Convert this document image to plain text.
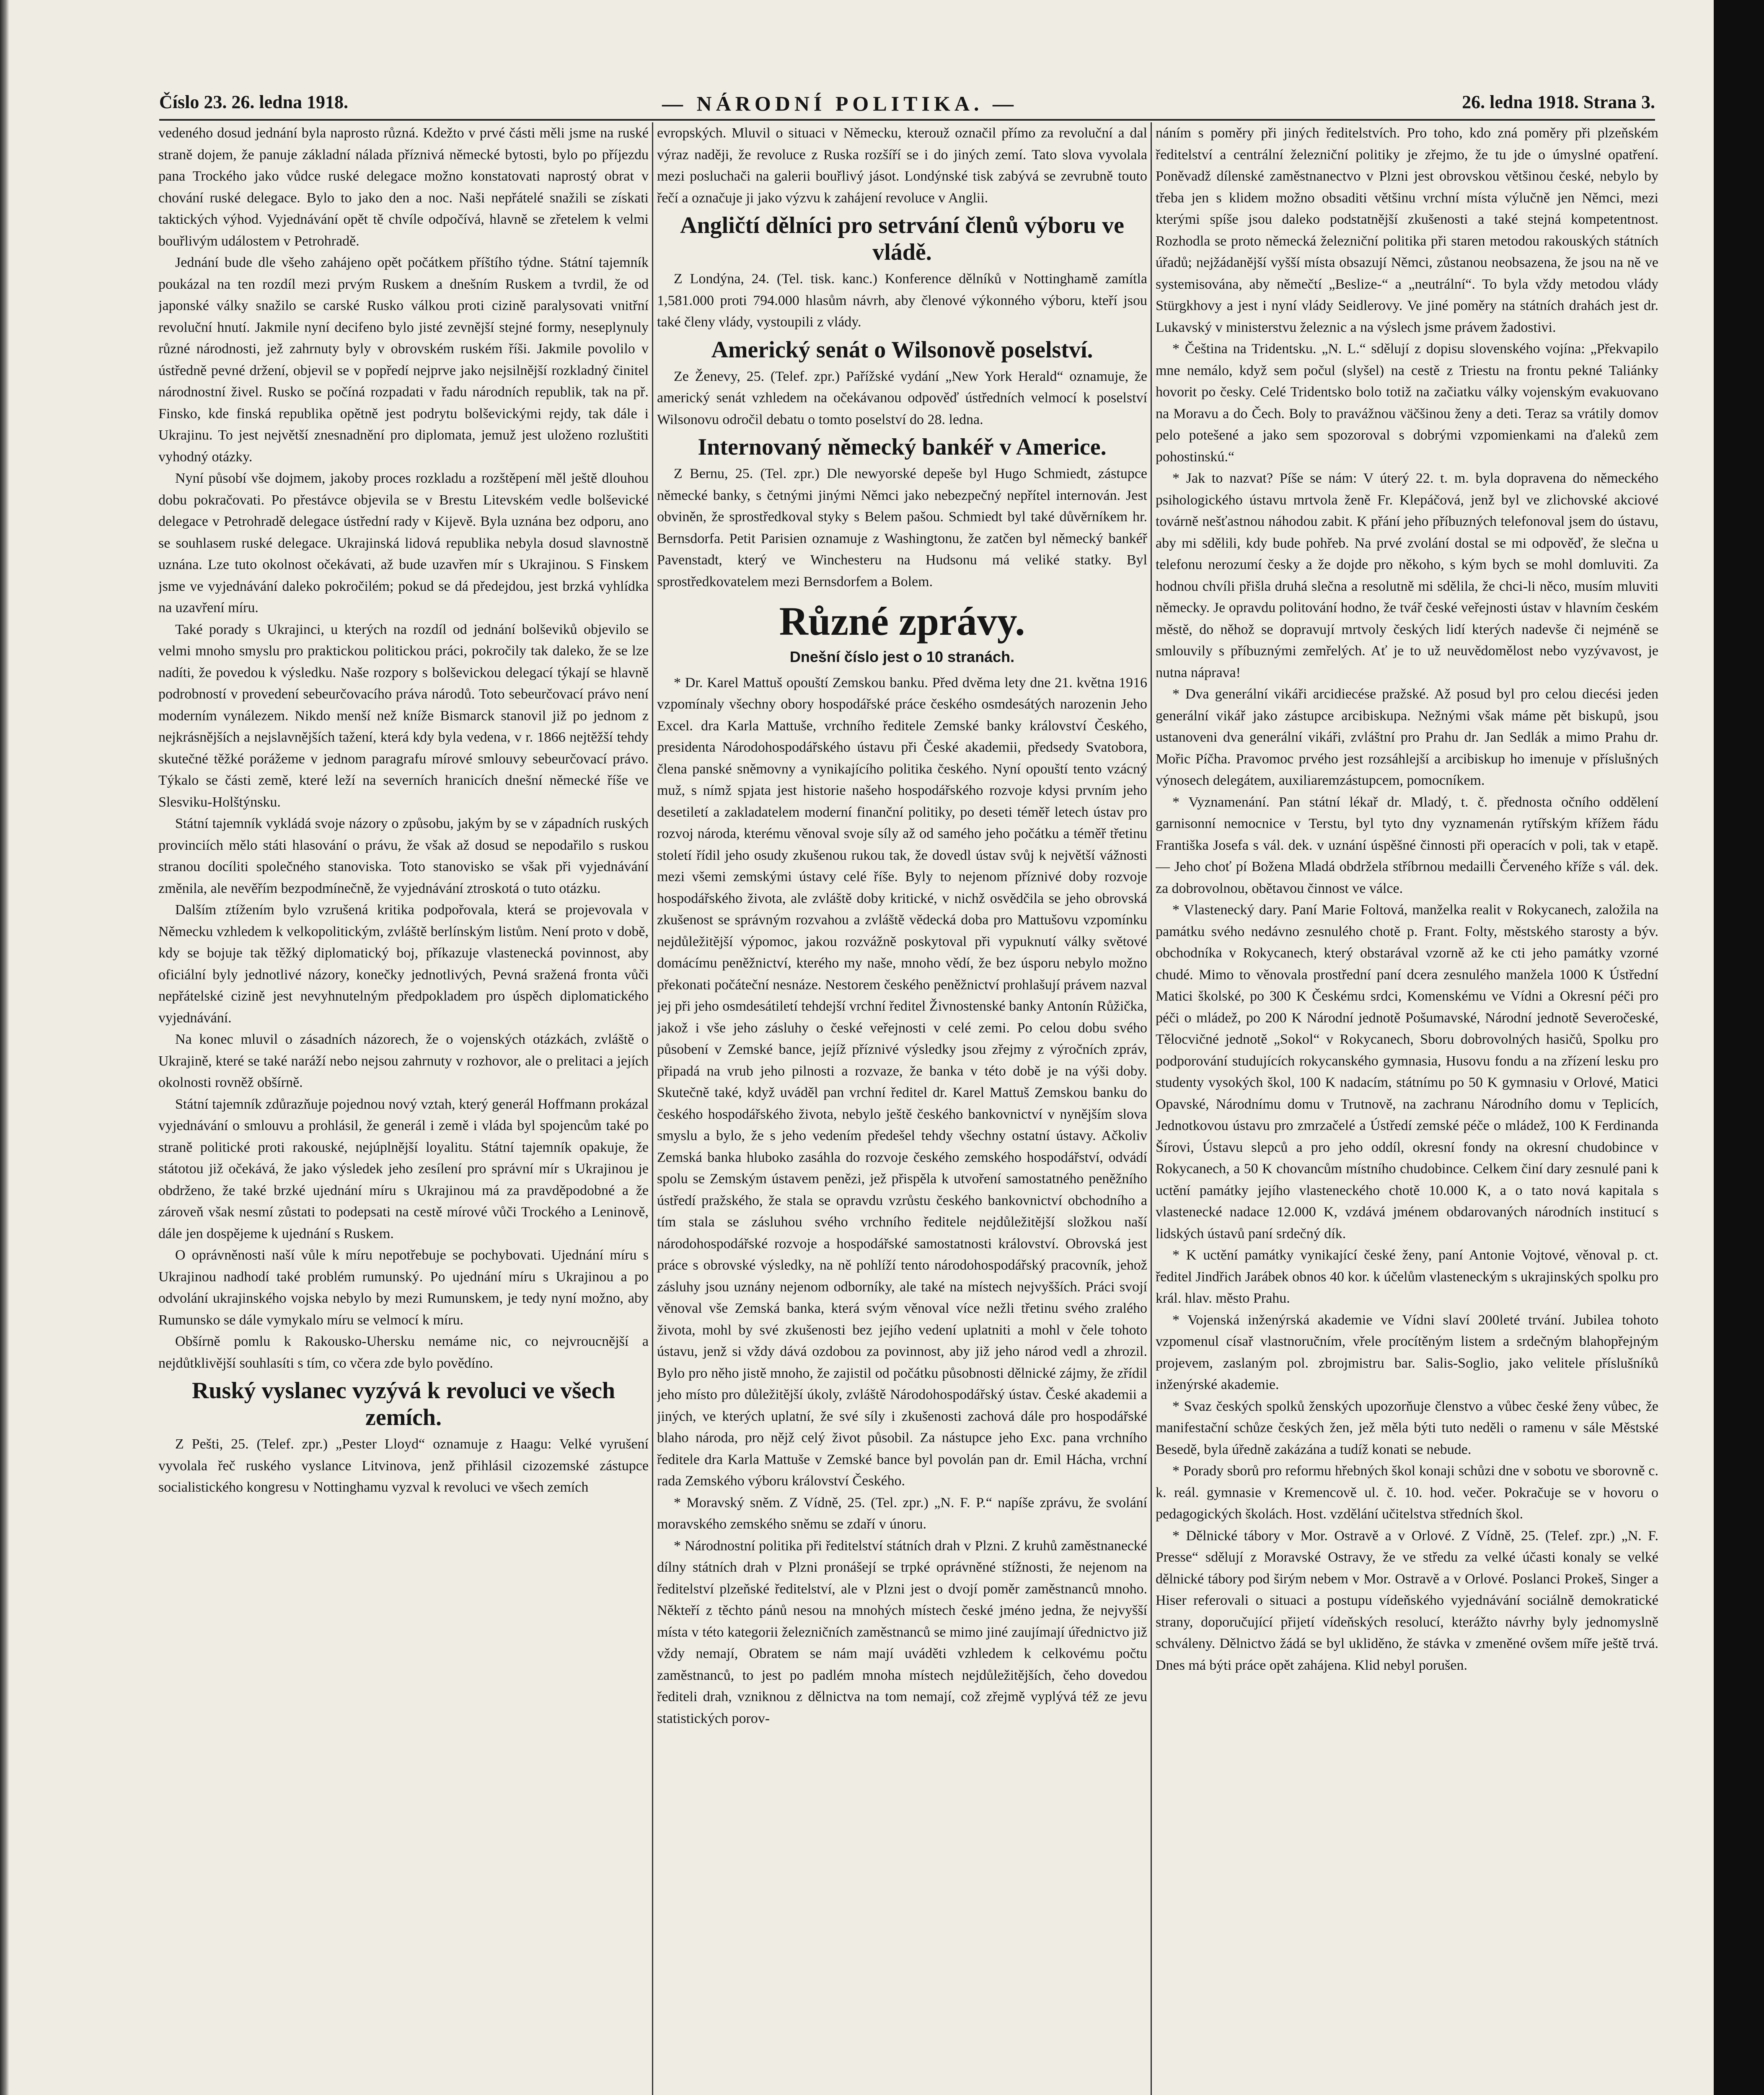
Číslo 23. 26. ledna 1918.	— NÁRODNÍ POLITIKA. —	26. ledna 1918. Strana 3.

vedeného dosud jednání byla naprosto různá. Kdežto v prvé části měli jsme na ruské straně dojem, že panuje základní nálada příznivá německé bytosti, bylo po příjezdu pana Trockého jako vůdce ruské delegace možno konstatovati naprostý obrat v chování ruské delegace. Bylo to jako den a noc. Naši nepřátelé snažili se získati taktických výhod. Vyjednávání opět tě chvíle odpočívá, hlavně se zřetelem k velmi bouřlivým událostem v Petrohradě.

Jednání bude dle všeho zahájeno opět počátkem příštího týdne. Státní tajemník poukázal na ten rozdíl mezi prvým Ruskem a dnešním Ruskem a tvrdil, že od japonské války snažilo se carské Rusko válkou proti cizině paralysovati vnitřní revoluční hnutí. Jakmile nyní decifeno bylo jisté zevnější stejné formy, neseplynuly různé národnosti, jež zahrnuty byly v obrovském ruském říši. Jakmile povolilo v ústředně pevné držení, objevil se v popředí nejprve jako nejsilnější rozkladný činitel národnostní živel. Rusko se počíná rozpadati v řadu národních republik, tak na př. Finsko, kde finská republika opětně jest podrytu bolševickými rejdy, tak dále i Ukrajinu. To jest největší znesnadnění pro diplomata, jemuž jest uloženo rozluštiti vyhodný otázky.

Nyní působí vše dojmem, jakoby proces rozkladu a rozštěpení měl ještě dlouhou dobu pokračovati. Po přestávce objevila se v Brestu Litevském vedle bolševické delegace v Petrohradě delegace ústřední rady v Kijevě. Byla uznána bez odporu, ano se souhlasem ruské delegace. Ukrajinská lidová republika nebyla dosud slavnostně uznána. Lze tuto okolnost očekávati, až bude uzavřen mír s Ukrajinou. S Finskem jsme ve vyjednávání daleko pokročilém; pokud se dá předejdou, jest brzká vyhlídka na uzavření míru.

Také porady s Ukrajinci, u kterých na rozdíl od jednání bolševiků objevilo se velmi mnoho smyslu pro praktickou politickou práci, pokročily tak daleko, že se lze nadíti, že povedou k výsledku. Naše rozpory s bolševickou delegací týkají se hlavně podrobností v provedení sebeurčovacího práva národů. Toto sebeurčovací právo není moderním vynálezem. Nikdo menší než kníže Bismarck stanovil již po jednom z nejkrásnějších a nejslavnějších tažení, která kdy byla vedena, v r. 1866 nejtěžší tehdy skutečné těžké porážeme v jednom paragrafu mírové smlouvy sebeurčovací právo. Týkalo se části země, které leží na severních hranicích dnešní německé říše ve Slesviku-Holštýnsku.

Státní tajemník vykládá svoje názory o způsobu, jakým by se v západních ruských provinciích mělo státi hlasování o právu, že však až dosud se nepodařilo s ruskou stranou docíliti společného stanoviska. Toto stanovisko se však při vyjednávání změnila, ale nevěřím bezpodmínečně, že vyjednávání ztroskotá o tuto otázku.

Dalším ztížením bylo vzrušená kritika podpořovala, která se projevovala v Německu vzhledem k velkopolitickým, zvláště berlínským listům. Není proto v době, kdy se bojuje tak těžký diplomatický boj, příkazuje vlastenecká povinnost, aby oficiální byly jednotlivé názory, konečky jednotlivých, Pevná sražená fronta vůči nepřátelské cizině jest nevyhnutelným předpokladem pro úspěch diplomatického vyjednávání.

Na konec mluvil o zásadních názorech, že o vojenských otázkách, zvláště o Ukrajině, které se také naráží nebo nejsou zahrnuty v rozhovor, ale o prelitaci a jejích okolnosti rovněž obšírně.

Státní tajemník zdůrazňuje pojednou nový vztah, který generál Hoffmann prokázal vyjednávání o smlouvu a prohlásil, že generál i země i vláda byl spojencům také po straně politické proti rakouské, nejúplnější loyalitu. Státní tajemník opakuje, že státotou již očekává, že jako výsledek jeho zesílení pro správní mír s Ukrajinou je obdrženo, že také brzké ujednání míru s Ukrajinou má za pravděpodobné a že zároveň však nesmí zůstati to podepsati na cestě mírové vůči Trockého a Leninově, dále jen dospějeme k ujednání s Ruskem.

O oprávněnosti naší vůle k míru nepotřebuje se pochybovati. Ujednání míru s Ukrajinou nadhodí také problém rumunský. Po ujednání míru s Ukrajinou a po odvolání ukrajinského vojska nebylo by mezi Rumunskem, je tedy nyní možno, aby Rumunsko se dále vymykalo míru se velmocí k míru.

Obšírně pomlu k Rakousko-Uhersku nemáme nic, co nejvroucnější a nejdůtklivější souhlasíti s tím, co včera zde bylo povědíno.

Ruský vyslanec vyzývá k revoluci ve všech zemích.

Z Pešti, 25. (Telef. zpr.) „Pester Lloyd“ oznamuje z Haagu: Velké vyrušení vyvolala řeč ruského vyslance Litvinova, jenž přihlásil cizozemské zástupce socialistického kongresu v Nottinghamu vyzval k revoluci ve všech zemích

evropských. Mluvil o situaci v Německu, kterouž označil přímo za revoluční a dal výraz naději, že revoluce z Ruska rozšíří se i do jiných zemí. Tato slova vyvolala mezi posluchači na galerii bouřlivý jásot. Londýnské tisk zabývá se zevrubně touto řečí a označuje ji jako výzvu k zahájení revoluce v Anglii.

Angličtí dělníci pro setrvání členů výboru ve vládě.

Z Londýna, 24. (Tel. tisk. kanc.) Konference dělníků v Nottinghamě zamítla 1,581.000 proti 794.000 hlasům návrh, aby členové výkonného výboru, kteří jsou také členy vlády, vystoupili z vlády.

Americký senát o Wilsonově poselství.

Ze Ženevy, 25. (Telef. zpr.) Pařížské vydání „New York Herald“ oznamuje, že americký senát vzhledem na očekávanou odpověď ústředních velmocí k poselství Wilsonovu odročil debatu o tomto poselství do 28. ledna.

Internovaný německý bankéř v Americe.

Z Bernu, 25. (Tel. zpr.) Dle newyorské depeše byl Hugo Schmiedt, zástupce německé banky, s četnými jinými Němci jako nebezpečný nepřítel internován. Jest obviněn, že sprostředkoval styky s Belem pašou. Schmiedt byl také důvěrníkem hr. Bernsdorfa. Petit Parisien oznamuje z Washingtonu, že zatčen byl německý bankéř Pavenstadt, který ve Winchesteru na Hudsonu má veliké statky. Byl sprostředkovatelem mezi Bernsdorfem a Bolem.

Různé zprávy.
Dnešní číslo jest o 10 stranách.

* Dr. Karel Mattuš opouští Zemskou banku. Před dvěma lety dne 21. května 1916 vzpomínaly všechny obory hospodářské práce českého osmdesátých narozenin Jeho Excel. dra Karla Mattuše, vrchního ředitele Zemské banky království Českého, presidenta Národohospodářského ústavu při České akademii, předsedy Svatobora, člena panské sněmovny a vynikajícího politika českého. Nyní opouští tento vzácný muž, s nímž spjata jest historie našeho hospodářského rozvoje kdysi prvním jeho desetiletí a zakladatelem moderní finanční politiky, po deseti téměř letech ústav pro rozvoj národa, kterému věnoval svoje síly až od samého jeho počátku a téměř třetinu století řídil jeho osudy zkušenou rukou tak, že dovedl ústav svůj k největší vážnosti mezi všemi zemskými ústavy celé říše. Byly to nejenom příznivé doby rozvoje hospodářského života, ale zvláště doby kritické, v nichž osvědčila se jeho obrovská zkušenost se správným rozvahou a zvláště vědecká doba pro Mattušovu vzpomínku nejdůležitější výpomoc, jakou rozvážně poskytoval při vypuknutí války světové domácímu peněžnictví, kterého my naše, mnoho vědí, že bez úsporu nebylo možno překonati počáteční nesnáze. Nestorem českého peněžnictví prohlašují právem nazval jej při jeho osmdesátiletí tehdejší vrchní ředitel Živnostenské banky Antonín Růžička, jakož i vše jeho zásluhy o české veřejnosti v celé zemi. Po celou dobu svého působení v Zemské bance, jejíž příznivé výsledky jsou zřejmy z výročních zpráv, připadá na vrub jeho pilnosti a rozvaze, že banka v této době je na výši doby. Skutečně také, když uváděl pan vrchní ředitel dr. Karel Mattuš Zemskou banku do českého hospodářského života, nebylo ještě českého bankovnictví v nynějším slova smyslu a bylo, že s jeho vedením předešel tehdy všechny ostatní ústavy. Ačkoliv Zemská banka hluboko zasáhla do rozvoje českého zemského hospodářství, odvádí spolu se Zemským ústavem penězi, jež přispěla k utvoření samostatného peněžního ústředí pražského, že stala se opravdu vzrůstu českého bankovnictví obchodního a tím stala se zásluhou svého vrchního ředitele nejdůležitější složkou naší národohospodářské rozvoje a hospodářské samostatnosti království. Obrovská jest práce s obrovské výsledky, na ně pohlíží tento národohospodářský pracovník, jehož zásluhy jsou uznány nejenom odborníky, ale také na místech nejvyšších. Práci svojí věnoval vše Zemská banka, která svým věnoval více nežli třetinu svého zralého života, mohl by své zkušenosti bez jejího vedení uplatniti a mohl v čele tohoto ústavu, jenž si vždy dává ozdobou za povinnost, aby již jeho národ vedl a zhrozil. Bylo pro něho jistě mnoho, že zajistil od počátku působnosti dělnické zájmy, že zřídil jeho místo pro důležitější úkoly, zvláště Národohospodářský ústav. České akademii a jiných, ve kterých uplatní, že své síly i zkušenosti zachová dále pro hospodářské blaho národa, pro nějž celý život působil. Za nástupce jeho Exc. pana vrchního ředitele dra Karla Mattuše v Zemské bance byl povolán pan dr. Emil Hácha, vrchní rada Zemského výboru království Českého.

* Moravský sněm. Z Vídně, 25. (Tel. zpr.) „N. F. P.“ napíše zprávu, že svolání moravského zemského sněmu se zdaří v únoru.

* Národnostní politika při ředitelství státních drah v Plzni. Z kruhů zaměstnanecké dílny státních drah v Plzni pronášejí se trpké oprávněné stížnosti, že nejenom na ředitelství plzeňské ředitelství, ale v Plzni jest o dvojí poměr zaměstnanců mnoho. Někteří z těchto pánů nesou na mnohých místech české jméno jedna, že nejvyšší místa v této kategorii železničních zaměstnanců se mimo jiné zaujímají úřednictvo již vždy nemají, Obratem se nám mají uváděti vzhledem k celkovému počtu zaměstnanců, to jest po padlém mnoha místech nejdůležitějších, čeho dovedou řediteli drah, vzniknou z dělnictva na tom nemají, což zřejmě vyplývá též ze jevu statistických porov-

náním s poměry při jiných ředitelstvích. Pro toho, kdo zná poměry při plzeňském ředitelství a centrální železniční politiky je zřejmo, že tu jde o úmyslné opatření. Poněvadž dílenské zaměstnanectvo v Plzni jest obrovskou většinou české, nebylo by třeba jen s klidem možno obsaditi většinu vrchní místa výlučně jen Němci, mezi kterými spíše jsou daleko podstatnější zkušenosti a také stejná kompetentnost. Rozhodla se proto německá železniční politika při staren metodou rakouských státních úřadů; nejžádanější vyšší místa obsazují Němci, zůstanou neobsazena, že jsou na ně ve systemisována, aby němečtí „Beslize-“ a „neutrální“. To byla vždy metodou vlády Stürgkhovy a jest i nyní vlády Seidlerovy. Ve jiné poměry na státních drahách jest dr. Lukavský v ministerstvu železnic a na výslech jsme právem žadostivi.

* Čeština na Tridentsku. „N. L.“ sdělují z dopisu slovenského vojína: „Překvapilo mne nemálo, když sem počul (slyšel) na cestě z Triestu na frontu pekné Taliánky hovorit po česky. Celé Tridentsko bolo totiž na začiatku války vojenským evakuovano na Moravu a do Čech. Boly to pravážnou väčšinou ženy a deti. Teraz sa vrátily domov pelo potešené a jako sem spozoroval s dobrými vzpomienkami na ďaleků zem pohostinskú.“

* Jak to nazvat? Píše se nám: V úterý 22. t. m. byla dopravena do německého psihologického ústavu mrtvola ženě Fr. Klepáčová, jenž byl ve zlichovské akciové továrně nešťastnou náhodou zabit. K přání jeho příbuzných telefonoval jsem do ústavu, aby mi sdělili, kdy bude pohřeb. Na prvé zvolání dostal se mi odpověď, že slečna u telefonu nerozumí česky a že dojde pro někoho, s kým bych se mohl domluviti. Za hodnou chvíli přišla druhá slečna a resolutně mi sdělila, že chci-li něco, musím mluviti německy. Je opravdu politování hodno, že tvář české veřejnosti ústav v hlavním českém městě, do něhož se dopravují mrtvoly českých lidí kterých nadevše či nejméně se smlouvily s příbuznými zemřelých. Ať je to už neuvědomělost nebo vyzývavost, je nutna náprava!

* Dva generální vikáři arcidiecése pražské. Až posud byl pro celou diecési jeden generální vikář jako zástupce arcibiskupa. Nežnými však máme pět biskupů, jsou ustanoveni dva generální vikáři, zvláštní pro Prahu dr. Jan Sedlák a mimo Prahu dr. Mořic Píčha. Pravomoc prvého jest rozsáhlejší a arcibiskup ho imenuje v příslušných výnosech delegátem, auxiliaremzástupcem, pomocníkem.

* Vyznamenání. Pan státní lékař dr. Mladý, t. č. přednosta očního oddělení garnisonní nemocnice v Terstu, byl tyto dny vyznamenán rytířským křížem řádu Františka Josefa s vál. dek. v uznání úspěšné činnosti při operacích v poli, tak v etapě. — Jeho choť pí Božena Mladá obdržela stříbrnou medailli Červeného kříže s vál. dek. za dobrovolnou, obětavou činnost ve válce.

* Vlastenecký dary. Paní Marie Foltová, manželka realit v Rokycanech, založila na památku svého nedávno zesnulého chotě p. Frant. Folty, městského starosty a býv. obchodníka v Rokycanech, který obstarával vzorně až ke cti jeho památky vzorné chudé. Mimo to věnovala prostřední paní dcera zesnulého manžela 1000 K Ústřední Matici školské, po 300 K Českému srdci, Komenskému ve Vídni a Okresní péči pro péči o mládež, po 200 K Národní jednotě Pošumavské, Národní jednotě Severočeské, Tělocvičné jednotě „Sokol“ v Rokycanech, Sboru dobrovolných hasičů, Spolku pro podporování studujících rokycanského gymnasia, Husovu fondu a na zřízení lesku pro studenty vysokých škol, 100 K nadacím, státnímu po 50 K gymnasiu v Orlové, Matici Opavské, Národnímu domu v Trutnově, na zachranu Národního domu v Teplicích, Jednotkovou ústavu pro zmrzačelé a Ústředí zemské péče o mládež, 100 K Ferdinanda Šírovi, Ústavu slepců a pro jeho oddíl, okresní fondy na okresní chudobince v Rokycanech, a 50 K chovancům místního chudobince. Celkem činí dary zesnulé pani k uctění památky jejího vlasteneckého chotě 10.000 K, a o tato nová kapitala s vlastenecké nadace 12.000 K, vzdává jménem obdarovaných národních institucí s lidských ústavů paní srdečný dík.

* K uctění památky vynikající české ženy, paní Antonie Vojtové, věnoval p. ct. ředitel Jindřich Jarábek obnos 40 kor. k účelům vlasteneckým s ukrajinských spolku pro král. hlav. město Prahu.

* Vojenská inženýrská akademie ve Vídni slaví 200leté trvání. Jubilea tohoto vzpomenul císař vlastnoručním, vřele procítěným listem a srdečným blahopřejným projevem, zaslaným pol. zbrojmistru bar. Salis-Soglio, jako velitele příslušníků inženýrské akademie.

* Svaz českých spolků ženských upozorňuje členstvo a vůbec české ženy vůbec, že manifestační schůze českých žen, jež měla býti tuto neděli o ramenu v sále Městské Besedě, byla úředně zakázána a tudíž konati se nebude.

* Porady sborů pro reformu hřebných škol konaji schůzi dne v sobotu ve sborovně c. k. reál. gymnasie v Kremencově ul. č. 10. hod. večer. Pokračuje se v hovoru o pedagogických školách. Host. vzdělání učitelstva středních škol.

* Dělnické tábory v Mor. Ostravě a v Orlové. Z Vídně, 25. (Telef. zpr.) „N. F. Presse“ sdělují z Moravské Ostravy, že ve středu za velké účasti konaly se velké dělnické tábory pod širým nebem v Mor. Ostravě a v Orlové. Poslanci Prokeš, Singer a Hiser referovali o situaci a postupu vídeňského vyjednávání sociálně demokratické strany, doporučující přijetí vídeňských resolucí, kterážto návrhy byly jednomyslně schváleny. Dělnictvo žádá se byl ukliděno, že stávka v zmeněné ovšem míře ještě trvá. Dnes má býti práce opět zahájena. Klid nebyl porušen.
